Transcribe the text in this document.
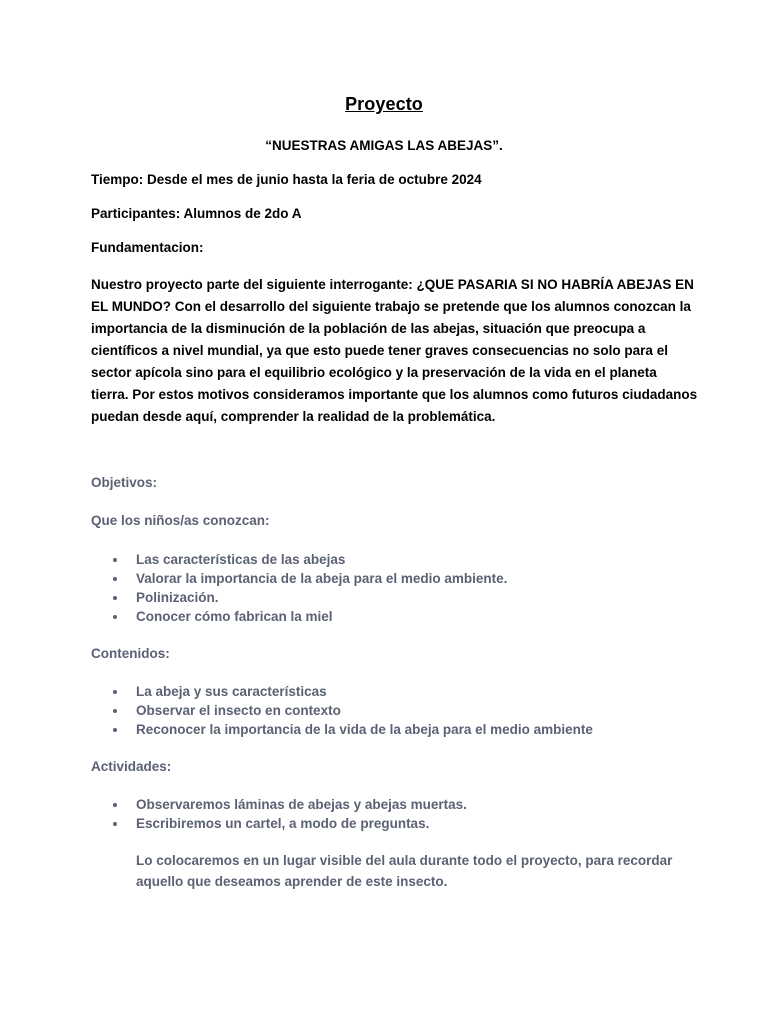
Proyecto
“NUESTRAS AMIGAS LAS ABEJAS”.
Tiempo: Desde el mes de junio hasta la feria de octubre 2024
Participantes: Alumnos de 2do A
Fundamentacion:
Nuestro proyecto parte del siguiente interrogante: ¿QUE PASARIA SI NO HABRÍA ABEJAS EN
EL MUNDO? Con el desarrollo del siguiente trabajo se pretende que los alumnos conozcan la
importancia de la disminución de la población de las abejas, situación que preocupa a
científicos a nivel mundial, ya que esto puede tener graves consecuencias no solo para el
sector apícola sino para el equilibrio ecológico y la preservación de la vida en el planeta
tierra. Por estos motivos consideramos importante que los alumnos como futuros ciudadanos
puedan desde aquí, comprender la realidad de la problemática.
Objetivos:
Que los niños/as conozcan:
Las características de las abejas
Valorar la importancia de la abeja para el medio ambiente.
Polinización.
Conocer cómo fabrican la miel
Contenidos:
La abeja y sus características
Observar el insecto en contexto
Reconocer la importancia de la vida de la abeja para el medio ambiente
Actividades:
Observaremos láminas de abejas y abejas muertas.
Escribiremos un cartel, a modo de preguntas.
Lo colocaremos en un lugar visible del aula durante todo el proyecto, para recordar
aquello que deseamos aprender de este insecto.
